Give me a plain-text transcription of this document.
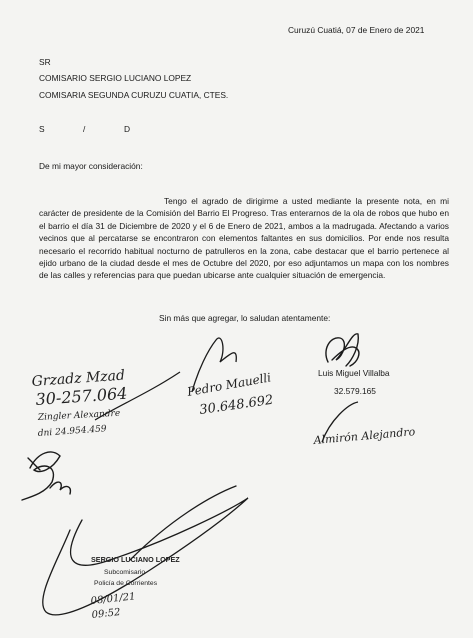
Curuzú Cuatiá, 07 de Enero de 2021
SR
COMISARIO SERGIO LUCIANO LOPEZ
COMISARIA SEGUNDA CURUZU CUATIA, CTES.
S	/	D
De mi mayor consideración:

Tengo el agrado de dirigirme a usted mediante la presente nota, en mi carácter de presidente de la Comisión del Barrio El Progreso. Tras enterarnos de la ola de robos que hubo en el barrio el día 31 de Diciembre de 2020 y el 6 de Enero de 2021, ambos a la madrugada. Afectando a varios vecinos que al percatarse se encontraron con elementos faltantes en sus domicilios. Por ende nos resulta necesario el recorrido habitual nocturno de patrulleros en la zona, cabe destacar que el barrio pertenece al ejido urbano de la ciudad desde el mes de Octubre del 2020, por eso adjuntamos un mapa con los nombres de las calles y referencias para que puedan ubicarse ante cualquier situación de emergencia.

Sin más que agregar, lo saludan atentamente:
Luis Miguel Villalba
32.579.165
Grzadz Mzad
30-257.064
Zingler Alexandre
dni 24.954.459
Pedro Mauelli
30.648.692
Almirón Alejandro
SERGIO LUCIANO LOPEZ
Subcomisario
Policía de Corrientes
08/01/21
09:52
